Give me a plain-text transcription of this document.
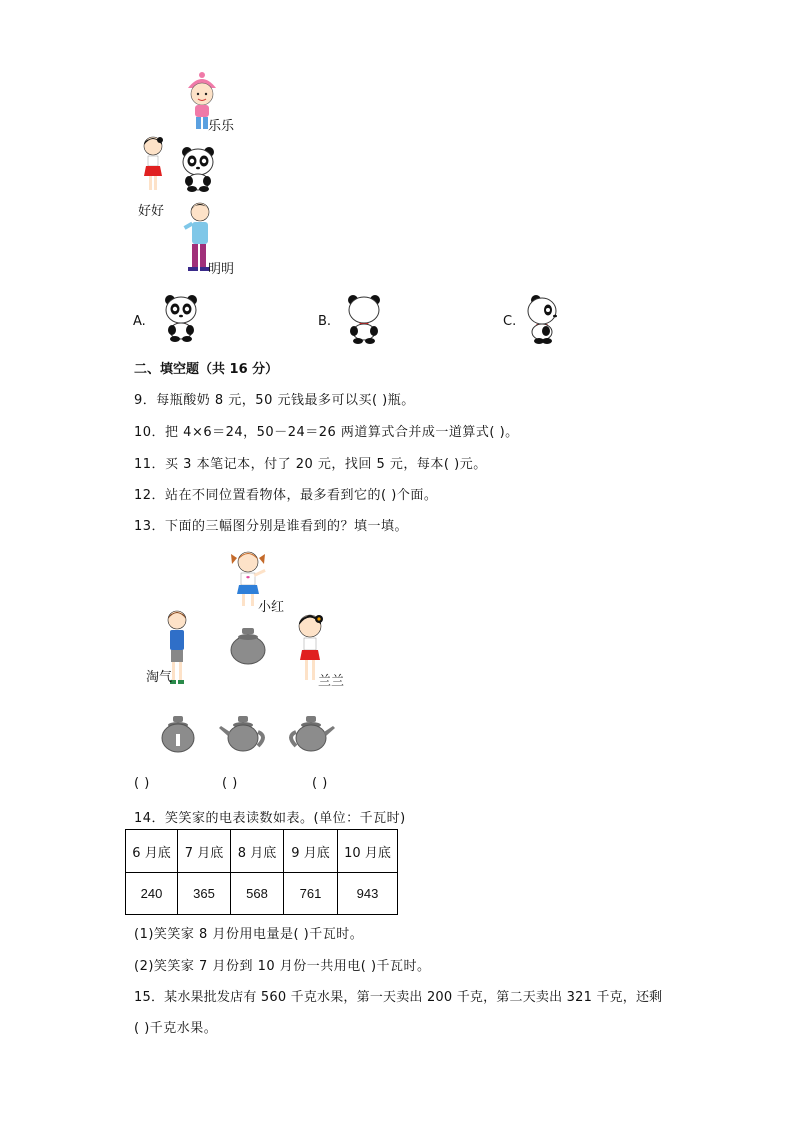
乐乐
好好
明明
A.	B.	C.
二、填空题（共 16 分）
9．每瓶酸奶 8 元，50 元钱最多可以买( )瓶。
10．把 4×6＝24，50－24＝26 两道算式合并成一道算式( )。
11．买 3 本笔记本，付了 20 元，找回 5 元，每本( )元。
12．站在不同位置看物体，最多看到它的( )个面。
13．下面的三幅图分别是谁看到的？填一填。
小红
淘气	兰兰
( )	( )	( )
14．笑笑家的电表读数如表。(单位：千瓦时)
6 月底	7 月底	8 月底	9 月底	10 月底
240	365	568	761	943
(1)笑笑家 8 月份用电量是( )千瓦时。
(2)笑笑家 7 月份到 10 月份一共用电( )千瓦时。
15．某水果批发店有 560 千克水果，第一天卖出 200 千克，第二天卖出 321 千克，还剩
( )千克水果。
